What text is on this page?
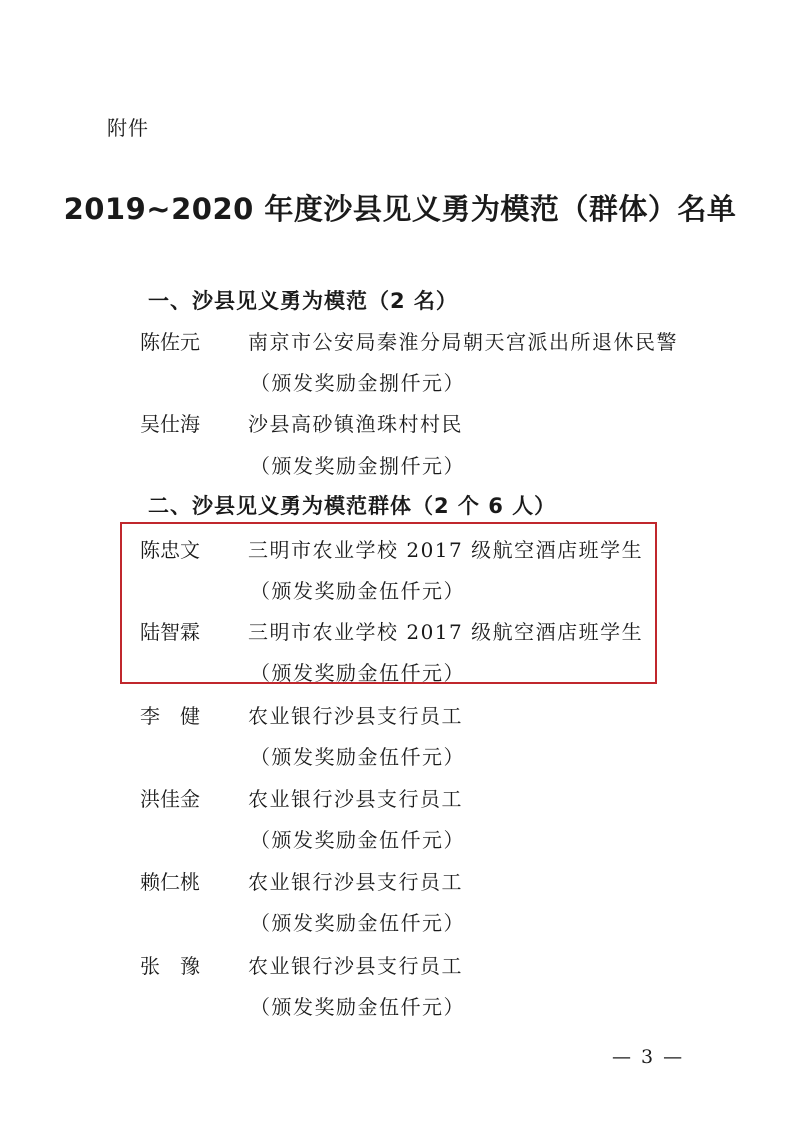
附件
2019~2020 年度沙县见义勇为模范（群体）名单
一、沙县见义勇为模范（2 名）
陈佐元	南京市公安局秦淮分局朝天宫派出所退休民警
（颁发奖励金捌仟元）
吴仕海	沙县高砂镇渔珠村村民
（颁发奖励金捌仟元）
二、沙县见义勇为模范群体（2 个 6 人）
陈忠文	三明市农业学校 2017 级航空酒店班学生
（颁发奖励金伍仟元）
陆智霖	三明市农业学校 2017 级航空酒店班学生
（颁发奖励金伍仟元）
李　健	农业银行沙县支行员工
（颁发奖励金伍仟元）
洪佳金	农业银行沙县支行员工
（颁发奖励金伍仟元）
赖仁桃	农业银行沙县支行员工
（颁发奖励金伍仟元）
张　豫	农业银行沙县支行员工
（颁发奖励金伍仟元）
— 3 —
